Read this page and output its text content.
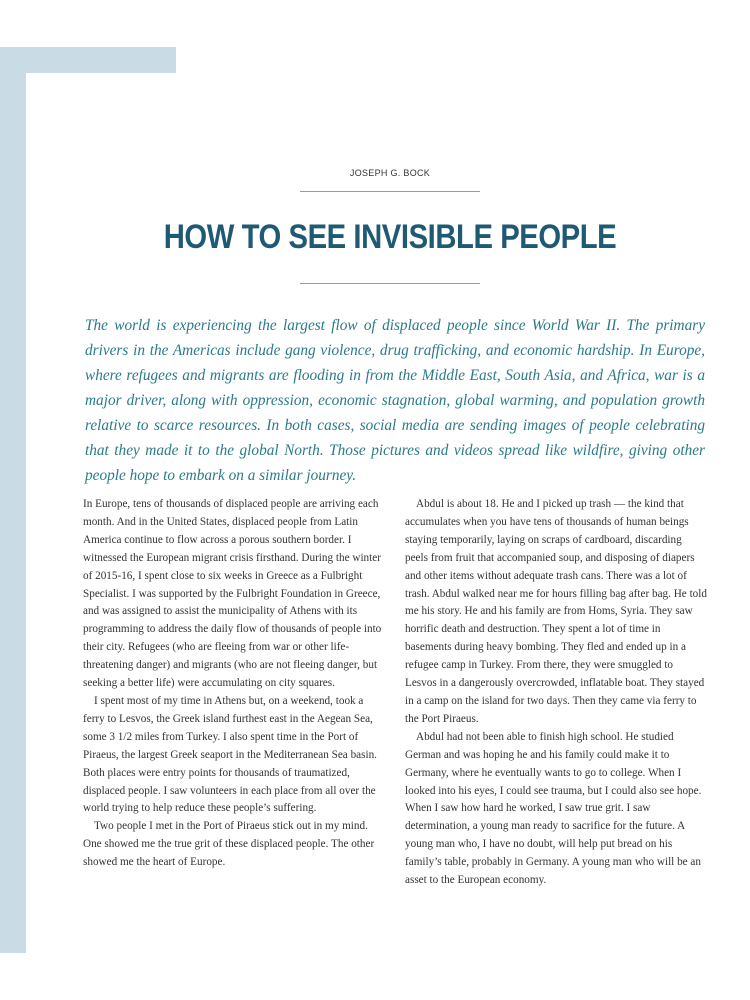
JOSEPH G. BOCK
HOW TO SEE INVISIBLE PEOPLE
The world is experiencing the largest flow of displaced people since World War II. The primary drivers in the Americas include gang violence, drug trafficking, and economic hardship. In Europe, where refugees and migrants are flooding in from the Middle East, South Asia, and Africa, war is a major driver, along with oppression, economic stagnation, global warming, and population growth relative to scarce resources. In both cases, social media are sending images of people celebrating that they made it to the global North. Those pictures and videos spread like wildfire, giving other people hope to embark on a similar journey.

In Europe, tens of thousands of displaced people are arriving each month. And in the United States, displaced people from Latin America continue to flow across a porous southern border. I witnessed the European migrant crisis firsthand. During the winter of 2015-16, I spent close to six weeks in Greece as a Fulbright Specialist. I was supported by the Fulbright Foundation in Greece, and was assigned to assist the municipality of Athens with its programming to address the daily flow of thousands of people into their city. Refugees (who are fleeing from war or other life-threatening danger) and migrants (who are not fleeing danger, but seeking a better life) were accumulating on city squares.

I spent most of my time in Athens but, on a weekend, took a ferry to Lesvos, the Greek island furthest east in the Aegean Sea, some 3 1/2 miles from Turkey. I also spent time in the Port of Piraeus, the largest Greek seaport in the Mediterranean Sea basin. Both places were entry points for thousands of traumatized, displaced people. I saw volunteers in each place from all over the world trying to help reduce these people’s suffering.

Two people I met in the Port of Piraeus stick out in my mind. One showed me the true grit of these displaced people. The other showed me the heart of Europe.

Abdul is about 18. He and I picked up trash — the kind that accumulates when you have tens of thousands of human beings staying temporarily, laying on scraps of cardboard, discarding peels from fruit that accompanied soup, and disposing of diapers and other items without adequate trash cans. There was a lot of trash. Abdul walked near me for hours filling bag after bag. He told me his story. He and his family are from Homs, Syria. They saw horrific death and destruction. They spent a lot of time in basements during heavy bombing. They fled and ended up in a refugee camp in Turkey. From there, they were smuggled to Lesvos in a dangerously overcrowded, inflatable boat. They stayed in a camp on the island for two days. Then they came via ferry to the Port Piraeus.

Abdul had not been able to finish high school. He studied German and was hoping he and his family could make it to Germany, where he eventually wants to go to college. When I looked into his eyes, I could see trauma, but I could also see hope. When I saw how hard he worked, I saw true grit. I saw determination, a young man ready to sacrifice for the future. A young man who, I have no doubt, will help put bread on his family’s table, probably in Germany. A young man who will be an asset to the European economy.
